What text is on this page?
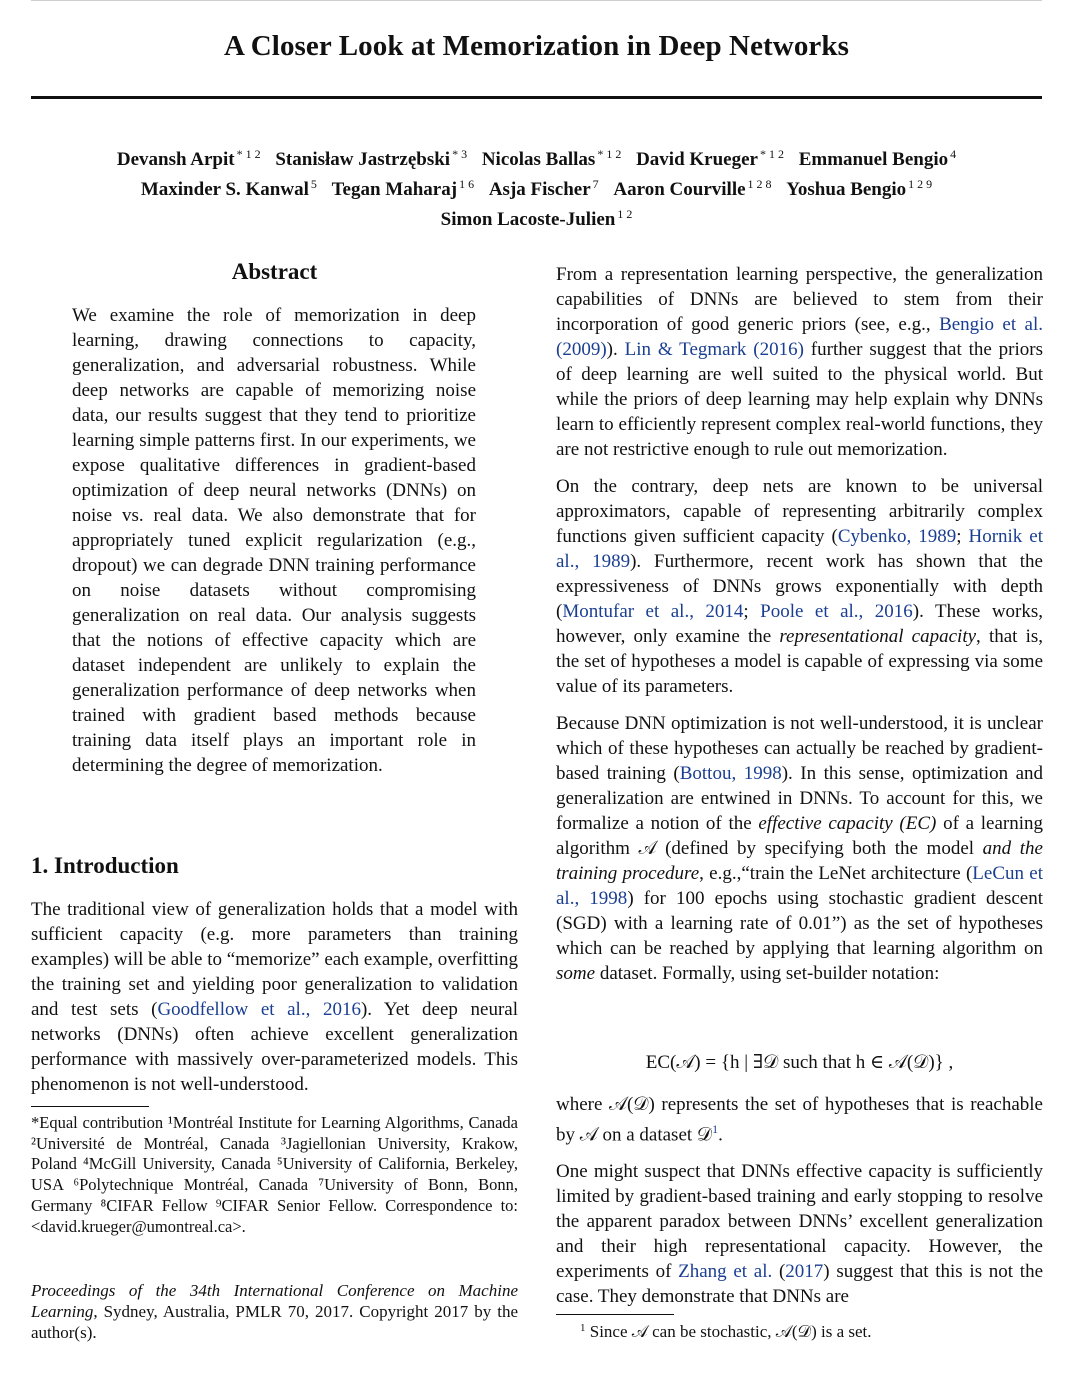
A Closer Look at Memorization in Deep Networks
Devansh Arpit $^{* 1 2}$ Stanisław Jastrzębski $^{* 3}$ Nicolas Ballas $^{* 1 2}$ David Krueger $^{* 1 2}$ Emmanuel Bengio $^4$
Maxinder S. Kanwal $^5$ Tegan Maharaj $^{1 6}$ Asja Fischer $^7$ Aaron Courville $^{1 2 8}$ Yoshua Bengio $^{1 2 9}$
Simon Lacoste-Julien $^{1 2}$
Abstract
We examine the role of memorization in deep learning, drawing connections to capacity, generalization, and adversarial robustness. While deep networks are capable of memorizing noise data, our results suggest that they tend to prioritize learning simple patterns first. In our experiments, we expose qualitative differences in gradient-based optimization of deep neural networks (DNNs) on noise vs. real data. We also demonstrate that for appropriately tuned explicit regularization (e.g., dropout) we can degrade DNN training performance on noise datasets without compromising generalization on real data. Our analysis suggests that the notions of effective capacity which are dataset independent are unlikely to explain the generalization performance of deep networks when trained with gradient based methods because training data itself plays an important role in determining the degree of memorization.
1. Introduction

The traditional view of generalization holds that a model with sufficient capacity (e.g. more parameters than training examples) will be able to “memorize” each example, overfitting the training set and yielding poor generalization to validation and test sets (Goodfellow et al., 2016). Yet deep neural networks (DNNs) often achieve excellent generalization performance with massively over-parameterized models. This phenomenon is not well-understood.

*Equal contribution ¹Montréal Institute for Learning Algorithms, Canada ²Université de Montréal, Canada ³Jagiellonian University, Krakow, Poland ⁴McGill University, Canada ⁵University of California, Berkeley, USA ⁶Polytechnique Montréal, Canada ⁷University of Bonn, Bonn, Germany ⁸CIFAR Fellow ⁹CIFAR Senior Fellow. Correspondence to: <david.krueger@umontreal.ca>.
Proceedings of the 34th International Conference on Machine Learning, Sydney, Australia, PMLR 70, 2017. Copyright 2017 by the author(s).

From a representation learning perspective, the generalization capabilities of DNNs are believed to stem from their incorporation of good generic priors (see, e.g., Bengio et al. (2009)). Lin & Tegmark (2016) further suggest that the priors of deep learning are well suited to the physical world. But while the priors of deep learning may help explain why DNNs learn to efficiently represent complex real-world functions, they are not restrictive enough to rule out memorization.

On the contrary, deep nets are known to be universal approximators, capable of representing arbitrarily complex functions given sufficient capacity (Cybenko, 1989; Hornik et al., 1989). Furthermore, recent work has shown that the expressiveness of DNNs grows exponentially with depth (Montufar et al., 2014; Poole et al., 2016). These works, however, only examine the representational capacity, that is, the set of hypotheses a model is capable of expressing via some value of its parameters.

Because DNN optimization is not well-understood, it is unclear which of these hypotheses can actually be reached by gradient-based training (Bottou, 1998). In this sense, optimization and generalization are entwined in DNNs. To account for this, we formalize a notion of the effective capacity (EC) of a learning algorithm 𝒜 (defined by specifying both the model and the training procedure, e.g.,“train the LeNet architecture (LeCun et al., 1998) for 100 epochs using stochastic gradient descent (SGD) with a learning rate of 0.01”) as the set of hypotheses which can be reached by applying that learning algorithm on some dataset. Formally, using set-builder notation:

EC(𝒜) = {h | ∃𝒟 such that h ∈ 𝒜(𝒟)} ,

where 𝒜(𝒟) represents the set of hypotheses that is reachable by 𝒜 on a dataset 𝒟$^1$.

One might suspect that DNNs effective capacity is sufficiently limited by gradient-based training and early stopping to resolve the apparent paradox between DNNs’ excellent generalization and their high representational capacity. However, the experiments of Zhang et al. (2017) suggest that this is not the case. They demonstrate that DNNs are

$^1$ Since 𝒜 can be stochastic, 𝒜(𝒟) is a set.
